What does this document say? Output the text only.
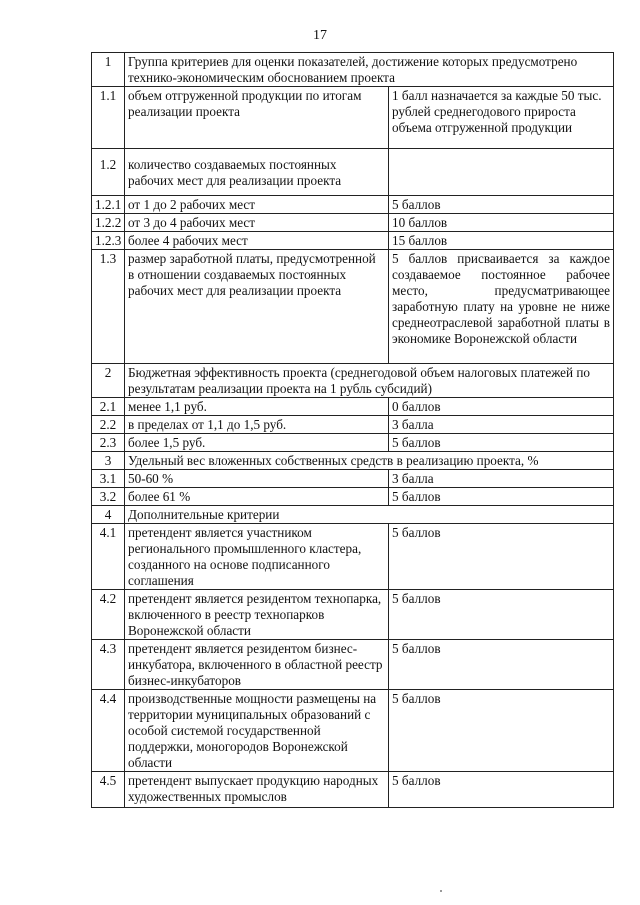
17
1	Группа критериев для оценки показателей, достижение которых предусмотрено технико-экономическим обоснованием проекта	
1.1	объем отгруженной продукции по итогам реализации проекта	1 балл назначается за каждые 50 тыс. рублей среднегодового прироста объема отгруженной продукции
1.2	количество создаваемых постоянных рабочих мест для реализации проекта	
1.2.1	от 1 до 2 рабочих мест	5 баллов
1.2.2	от 3 до 4 рабочих мест	10 баллов
1.2.3	более 4 рабочих мест	15 баллов
1.3	размер заработной платы, предусмотренной в отношении создаваемых постоянных рабочих мест для реализации проекта	5 баллов присваивается за каждое создаваемое постоянное рабочее место, предусматривающее заработную плату на уровне не ниже среднеотраслевой заработной платы в экономике Воронежской области
2	Бюджетная эффективность проекта (среднегодовой объем налоговых платежей по результатам реализации проекта на 1 рубль субсидий)	
2.1	менее 1,1 руб.	0 баллов
2.2	в пределах от 1,1 до 1,5 руб.	3 балла
2.3	более 1,5 руб.	5 баллов
3	Удельный вес вложенных собственных средств в реализацию проекта, %	
3.1	50-60 %	3 балла
3.2	более 61 %	5 баллов
4	Дополнительные критерии	
4.1	претендент является участником регионального промышленного кластера, созданного на основе подписанного соглашения	5 баллов
4.2	претендент является резидентом технопарка, включенного в реестр технопарков Воронежской области	5 баллов
4.3	претендент является резидентом бизнес-инкубатора, включенного в областной реестр бизнес-инкубаторов	5 баллов
4.4	производственные мощности размещены на территории муниципальных образований с особой системой государственной поддержки, моногородов Воронежской области	5 баллов
4.5	претендент выпускает продукцию народных художественных промыслов	5 баллов
